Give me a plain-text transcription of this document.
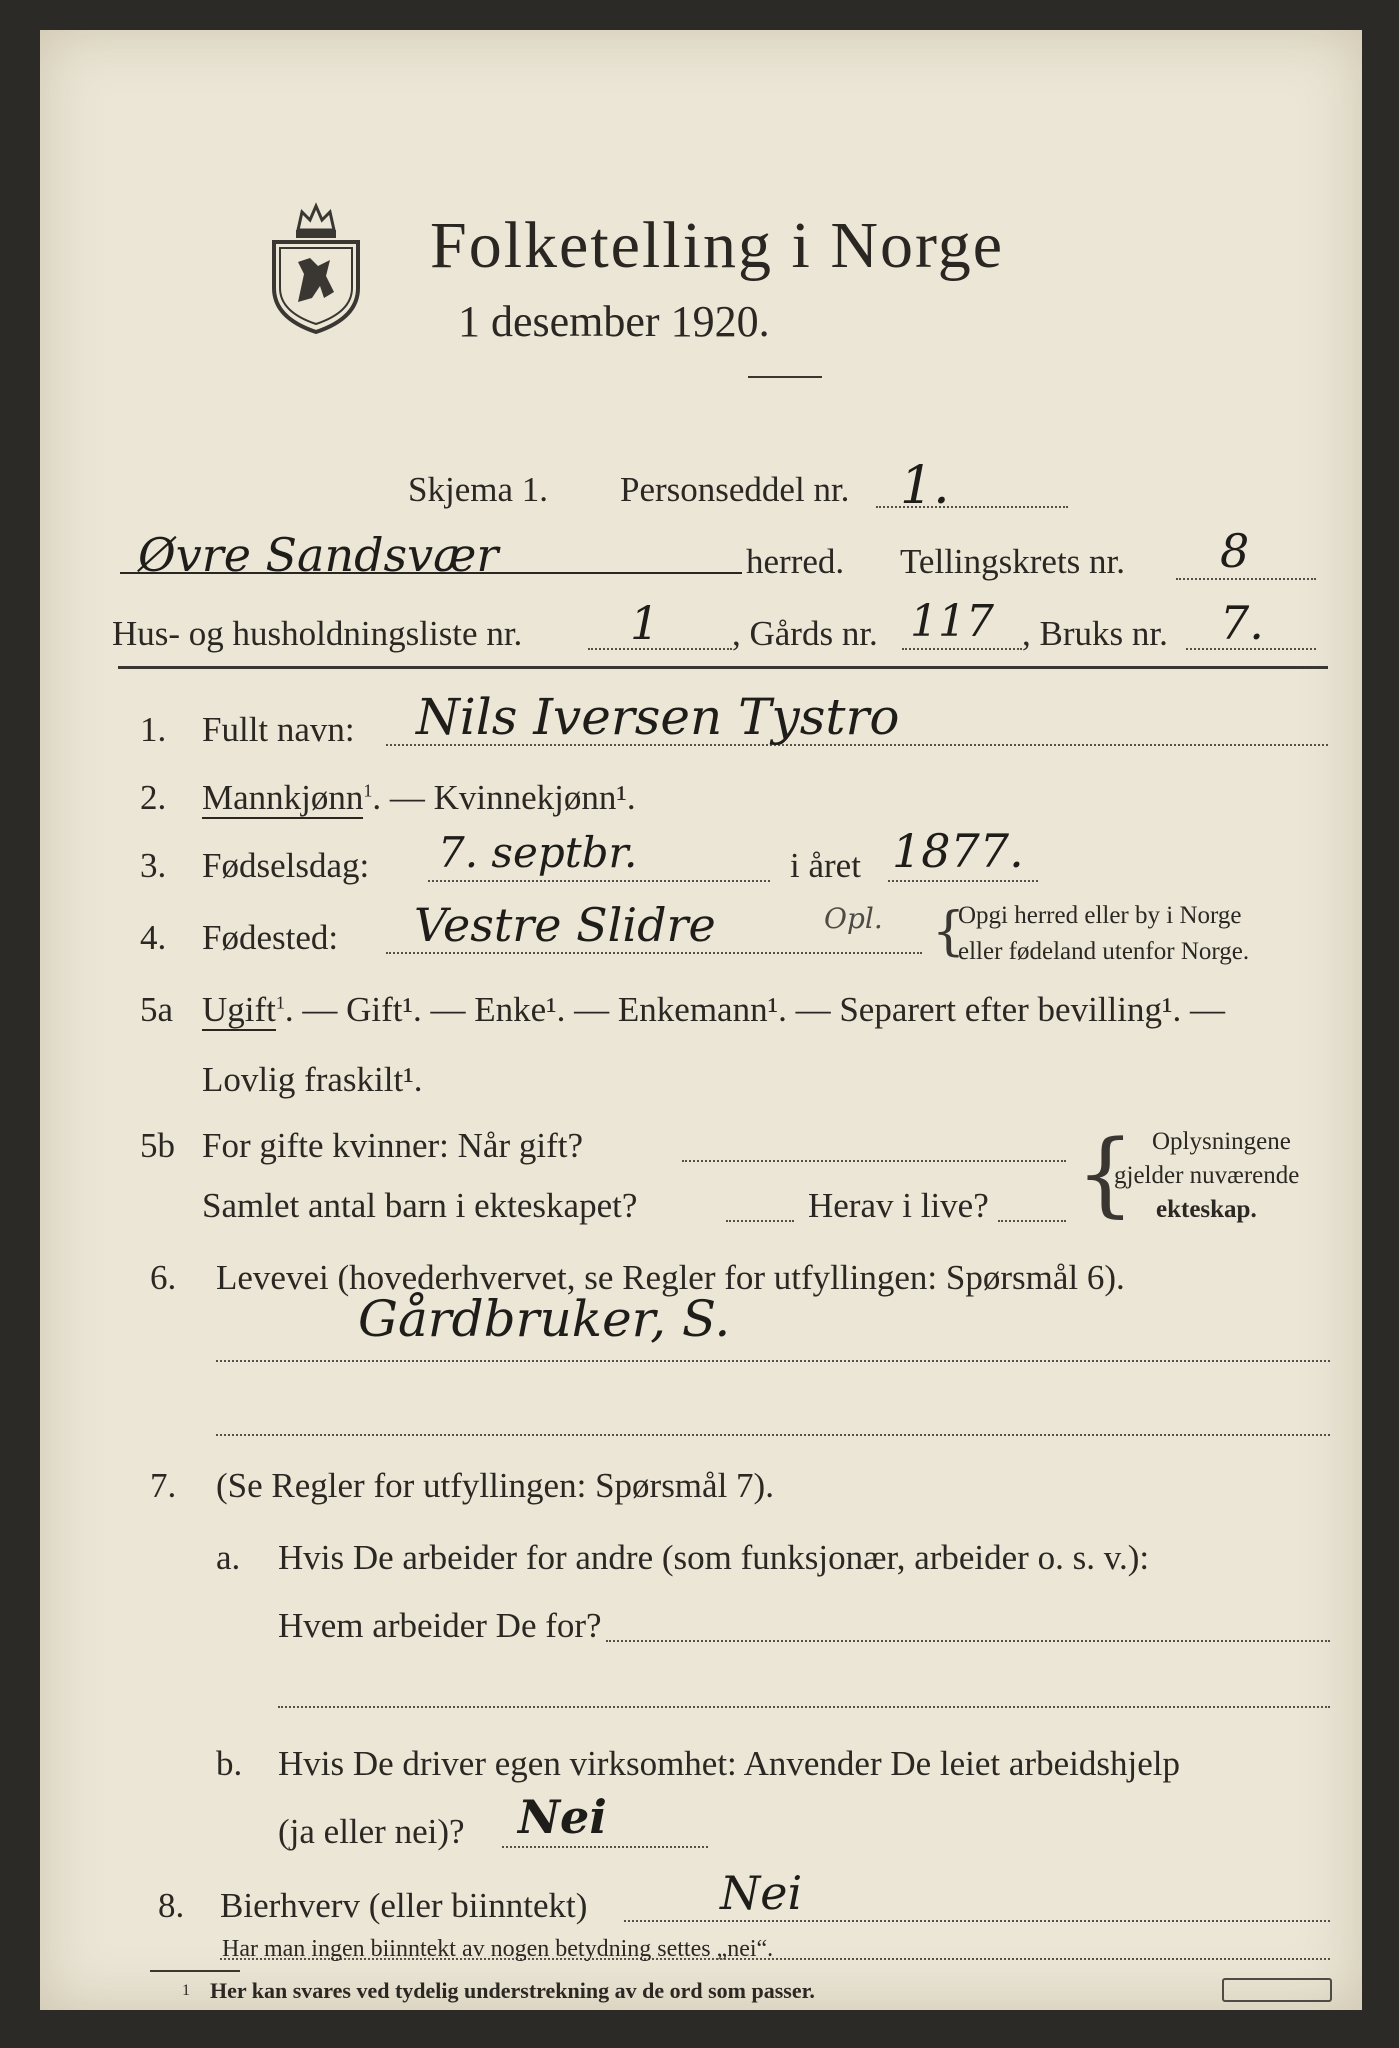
Folketelling i Norge
1 desember 1920.
Skjema 1. Personseddel nr. 1.
Øvre Sandsvær	herred. Tellingskrets nr. 8
Hus- og husholdningsliste nr. 1 , Gårds nr. 117 , Bruks nr. 7.
1. Fullt navn: Nils Iversen Tystro
2. Mannkjønn$^1$. — Kvinnekjønn¹.
3. Fødselsdag: 7. septbr.	i året 1877.
4. Fødested: Vestre Slidre	Opl. {
Opgi herred eller by i Norge
eller fødeland utenfor Norge.
5a Ugift$^1$. — Gift¹. — Enke¹. — Enkemann¹. — Separert efter bevilling¹. —
Lovlig fraskilt¹.
5b For gifte kvinner: Når gift?
Samlet antal barn i ekteskapet?	Herav i live? { Oplysningene
gjelder nuværende
ekteskap.
6. Levevei (hovederhvervet, se Regler for utfyllingen: Spørsmål 6).
Gårdbruker, S.
7. (Se Regler for utfyllingen: Spørsmål 7).
a. Hvis De arbeider for andre (som funksjonær, arbeider o. s. v.):
Hvem arbeider De for?
b. Hvis De driver egen virksomhet: Anvender De leiet arbeidshjelp
(ja eller nei)? Nei
8. Bierhverv (eller biinntekt)	Nei
Har man ingen biinntekt av nogen betydning settes „nei“.
1 Her kan svares ved tydelig understrekning av de ord som passer.
